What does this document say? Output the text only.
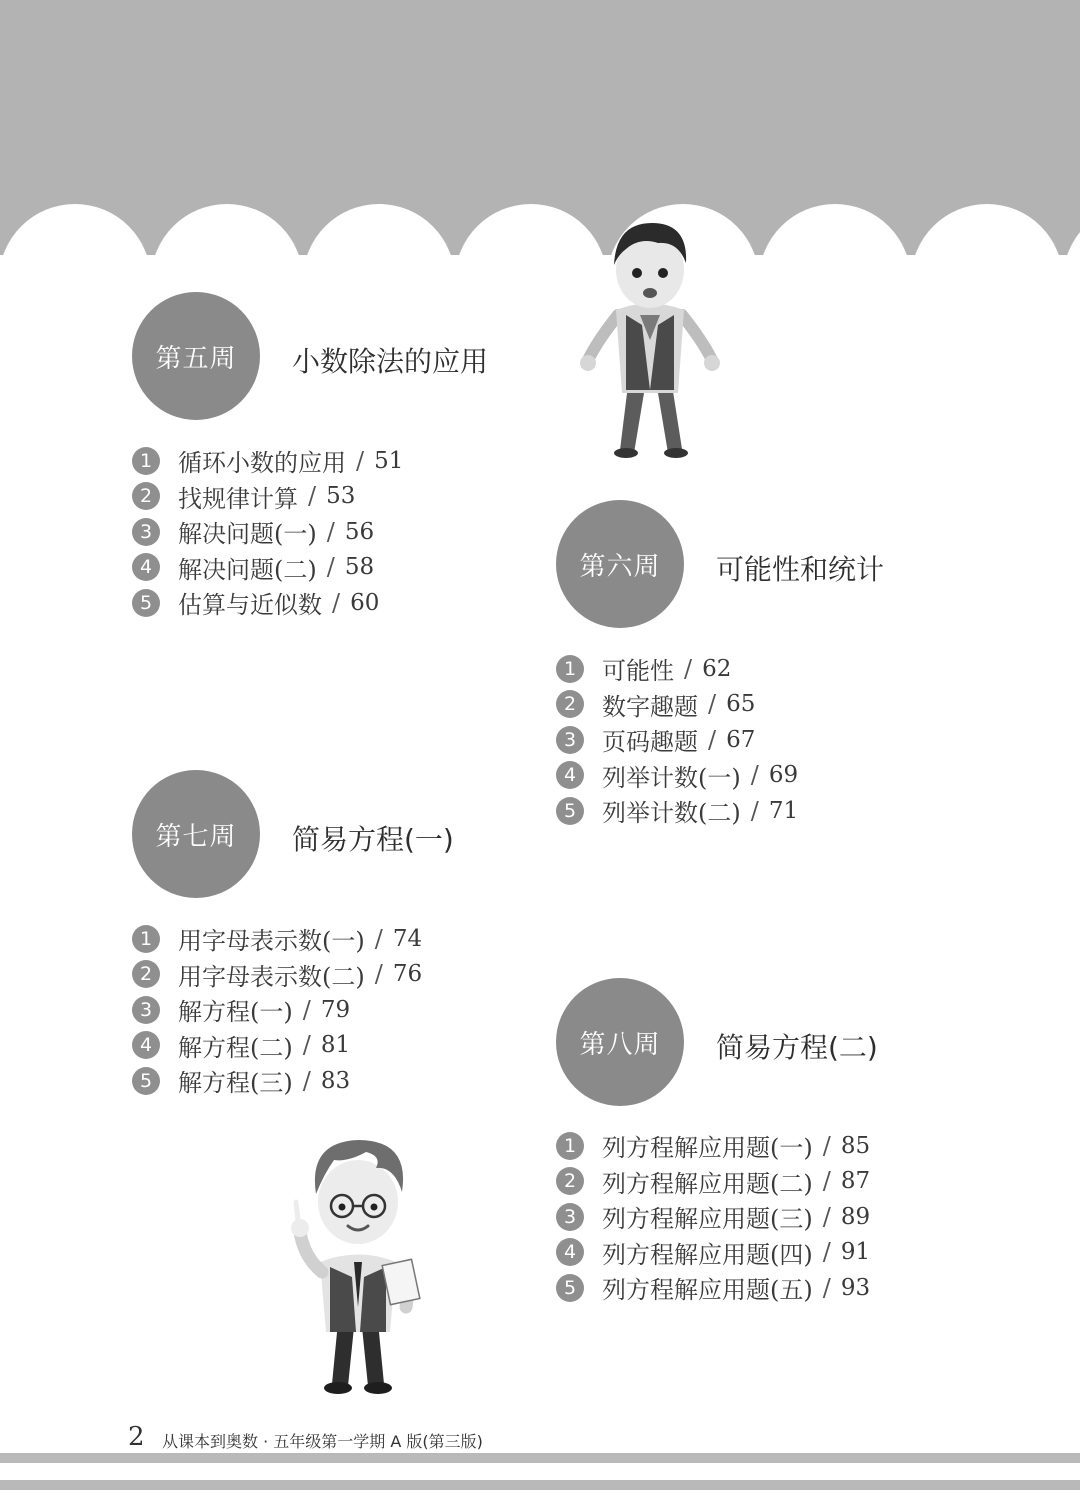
第五周 小数除法的应用
1	循环小数的应用 / 51
2	找规律计算 / 53
3	解决问题(一) / 56
4	解决问题(二) / 58
5	估算与近似数 / 60
第六周 可能性和统计
1	可能性 / 62
2	数字趣题 / 65
3	页码趣题 / 67
4	列举计数(一) / 69
5	列举计数(二) / 71
第七周 简易方程(一)
1	用字母表示数(一) / 74
2	用字母表示数(二) / 76
3	解方程(一) / 79
4	解方程(二) / 81
5	解方程(三) / 83
第八周 简易方程(二)
1	列方程解应用题(一) / 85
2	列方程解应用题(二) / 87
3	列方程解应用题(三) / 89
4	列方程解应用题(四) / 91
5	列方程解应用题(五) / 93
2 从课本到奥数 · 五年级第一学期 A 版(第三版)
